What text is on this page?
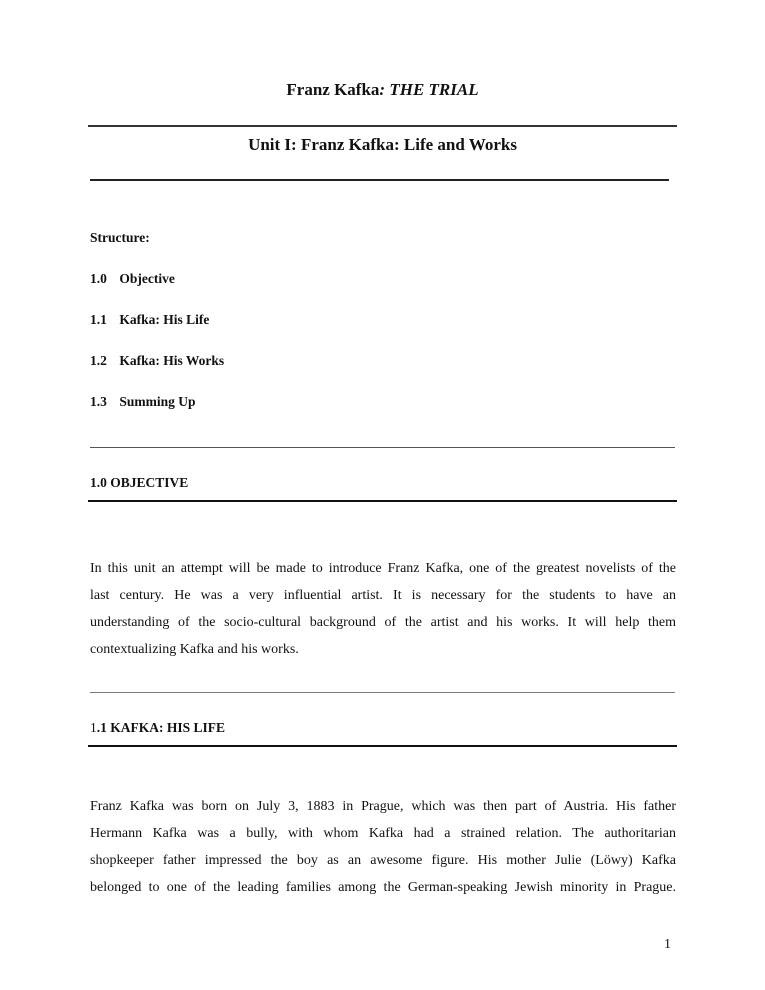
Franz Kafka: THE TRIAL
Unit I: Franz Kafka: Life and Works
Structure:
1.0 Objective
1.1 Kafka: His Life
1.2 Kafka: His Works
1.3 Summing Up
1.0 OBJECTIVE
In this unit an attempt will be made to introduce Franz Kafka, one of the greatest novelists of the
last century. He was a very influential artist. It is necessary for the students to have an
understanding of the socio-cultural background of the artist and his works. It will help them
contextualizing Kafka and his works.
1.1 KAFKA: HIS LIFE
Franz Kafka was born on July 3, 1883 in Prague, which was then part of Austria. His father
Hermann Kafka was a bully, with whom Kafka had a strained relation. The authoritarian
shopkeeper father impressed the boy as an awesome figure. His mother Julie (Löwy) Kafka
belonged to one of the leading families among the German-speaking Jewish minority in Prague.
1
